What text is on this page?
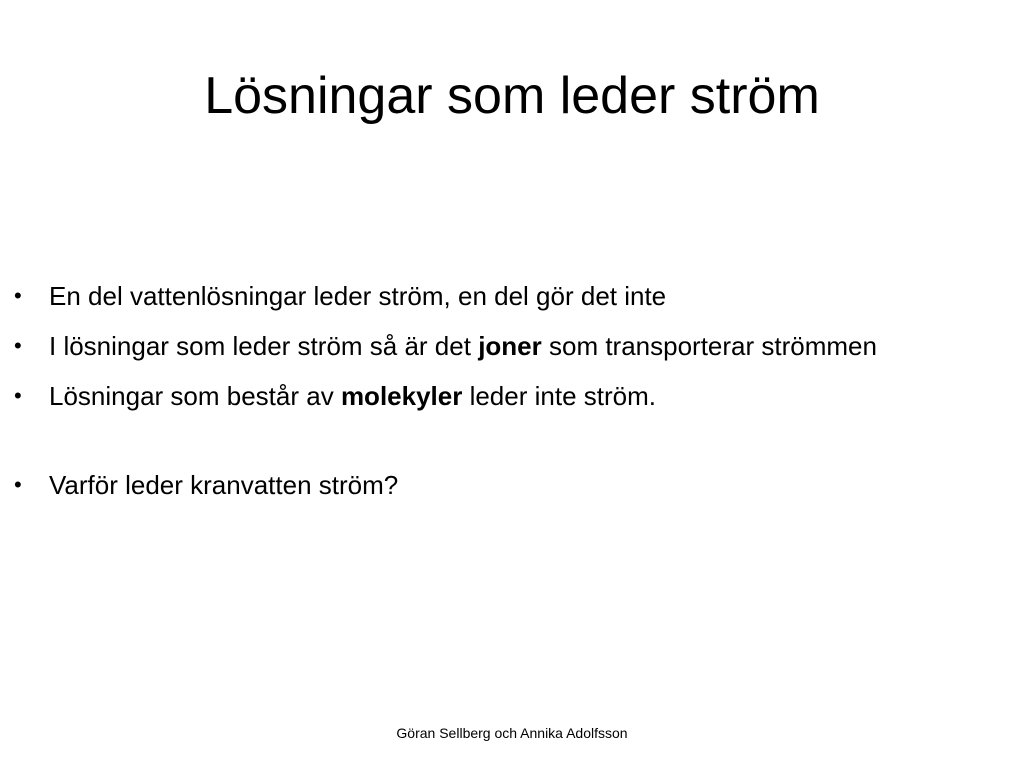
Lösningar som leder ström
•	En del vattenlösningar leder ström, en del gör det inte
•	I lösningar som leder ström så är det joner som transporterar strömmen
•	Lösningar som består av molekyler leder inte ström.
•	Varför leder kranvatten ström?
Göran Sellberg och Annika Adolfsson
